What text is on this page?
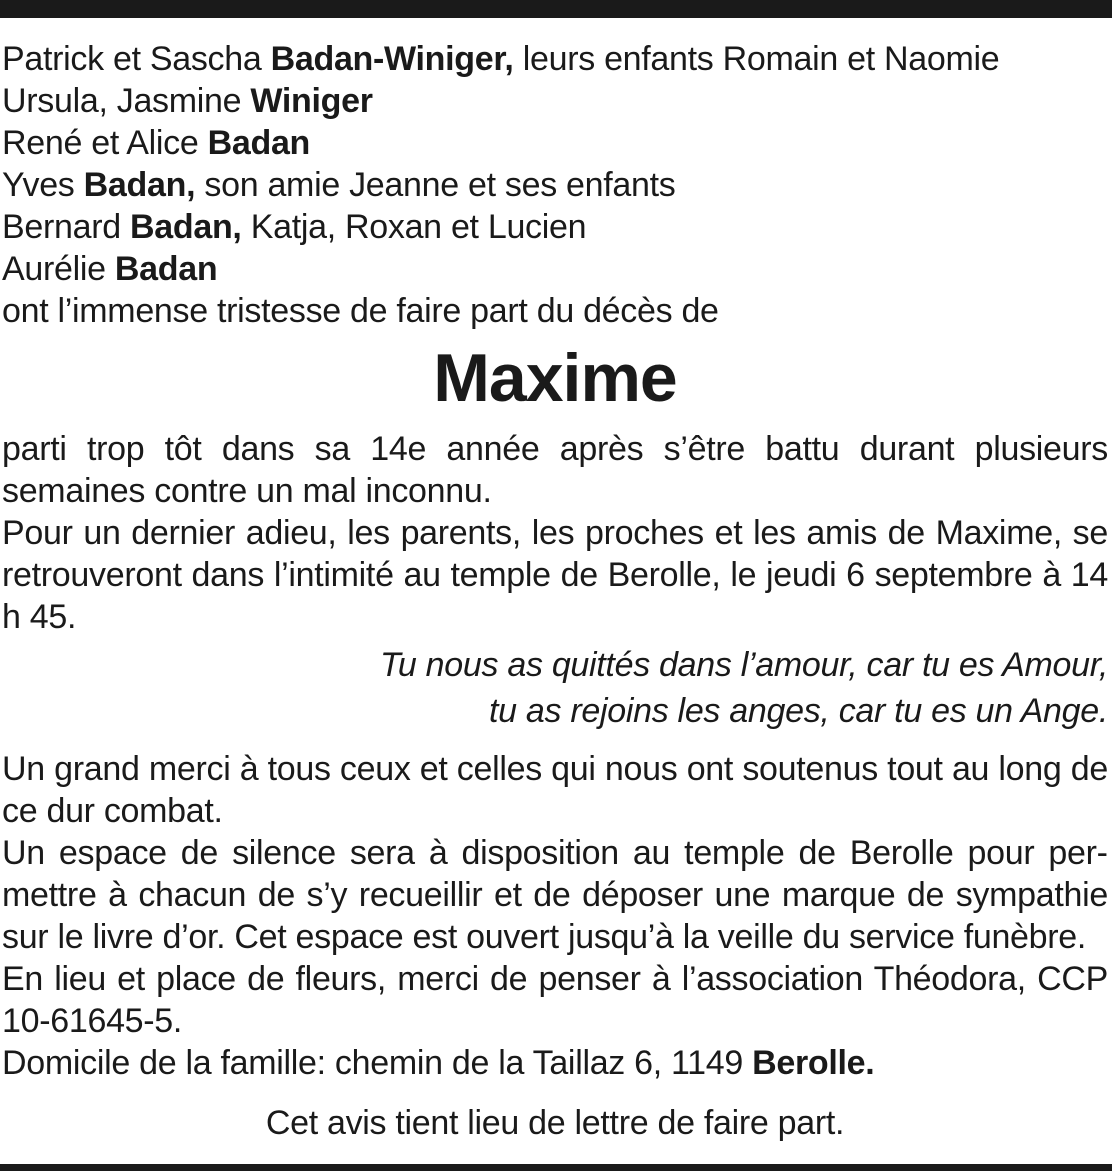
Patrick et Sascha Badan-Winiger, leurs enfants Romain et Naomie
Ursula, Jasmine Winiger
René et Alice Badan
Yves Badan, son amie Jeanne et ses enfants
Bernard Badan, Katja, Roxan et Lucien
Aurélie Badan
ont l’immense tristesse de faire part du décès de
Maxime
parti trop tôt dans sa 14e année après s’être battu durant plusieurs semaines contre un mal inconnu.
Pour un dernier adieu, les parents, les proches et les amis de Maxime, se retrouveront dans l’intimité au temple de Berolle, le jeudi 6 septembre à 14 h 45.
Tu nous as quittés dans l’amour, car tu es Amour,
tu as rejoins les anges, car tu es un Ange.
Un grand merci à tous ceux et celles qui nous ont soutenus tout au long de ce dur combat.
Un espace de silence sera à disposition au temple de Berolle pour permettre à chacun de s’y recueillir et de déposer une marque de sympathie sur le livre d’or. Cet espace est ouvert jusqu’à la veille du service funèbre.
En lieu et place de fleurs, merci de penser à l’association Théodora, CCP 10-61645-5.
Domicile de la famille: chemin de la Taillaz 6, 1149 Berolle.
Cet avis tient lieu de lettre de faire part.
